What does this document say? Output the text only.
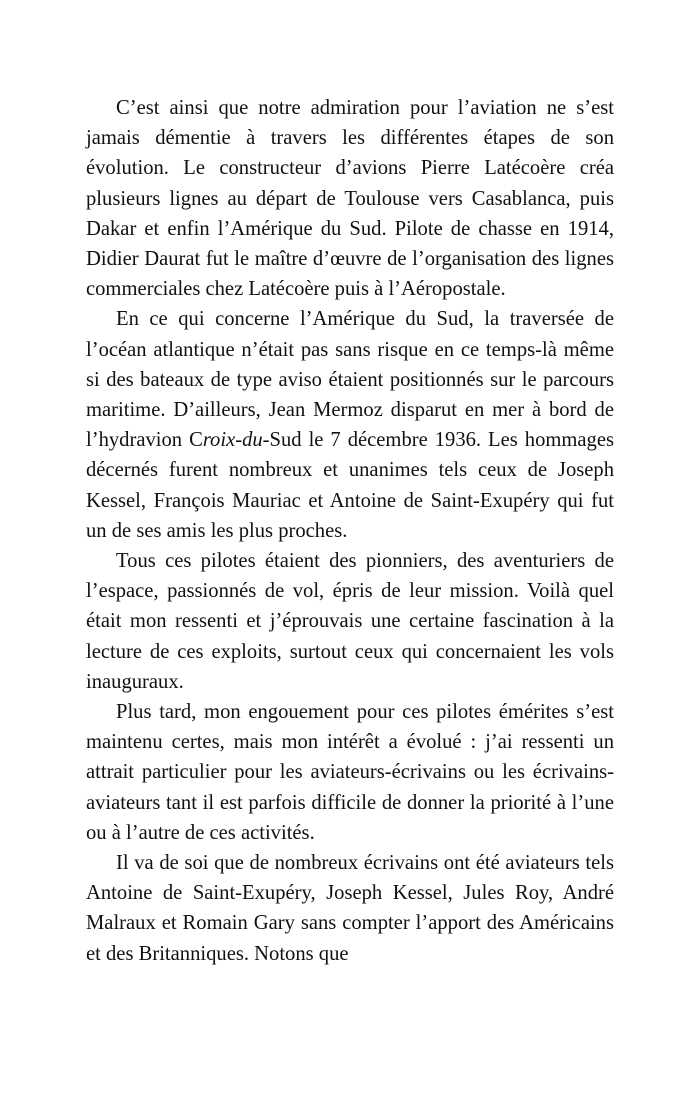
C’est ainsi que notre admiration pour l’aviation ne s’est jamais démentie à travers les différentes étapes de son évolution. Le constructeur d’avions Pierre Latécoère créa plusieurs lignes au départ de Toulouse vers Casablanca, puis Dakar et enfin l’Amérique du Sud. Pilote de chasse en 1914, Didier Daurat fut le maître d’œuvre de l’organisation des lignes commerciales chez Latécoère puis à l’Aéropostale.

En ce qui concerne l’Amérique du Sud, la traversée de l’océan atlantique n’était pas sans risque en ce temps-là même si des bateaux de type aviso étaient positionnés sur le parcours maritime. D’ailleurs, Jean Mermoz disparut en mer à bord de l’hydravion Croix-du-Sud le 7 décembre 1936. Les hommages décernés furent nombreux et unanimes tels ceux de Joseph Kessel, François Mauriac et Antoine de Saint-Exupéry qui fut un de ses amis les plus proches.

Tous ces pilotes étaient des pionniers, des aventuriers de l’espace, passionnés de vol, épris de leur mission. Voilà quel était mon ressenti et j’éprouvais une certaine fascination à la lecture de ces exploits, surtout ceux qui concernaient les vols inauguraux.

Plus tard, mon engouement pour ces pilotes émérites s’est maintenu certes, mais mon intérêt a évolué : j’ai ressenti un attrait particulier pour les aviateurs-écrivains ou les écrivains-aviateurs tant il est parfois difficile de donner la priorité à l’une ou à l’autre de ces activités.

Il va de soi que de nombreux écrivains ont été aviateurs tels Antoine de Saint-Exupéry, Joseph Kessel, Jules Roy, André Malraux et Romain Gary sans compter l’apport des Américains et des Britanniques. Notons que
